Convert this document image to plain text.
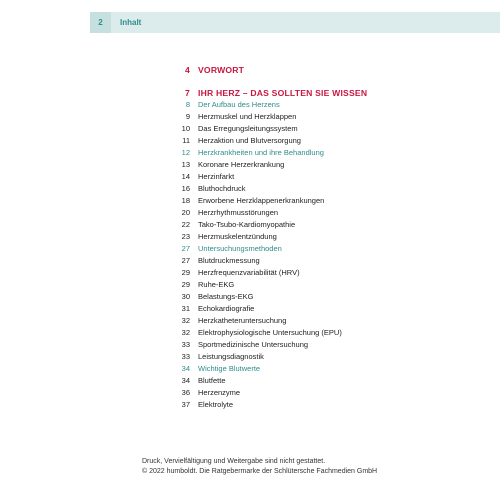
2	Inhalt
4 VORWORT
7 IHR HERZ – DAS SOLLTEN SIE WISSEN
8 Der Aufbau des Herzens
9 Herzmuskel und Herzklappen
10 Das Erregungsleitungssystem
11 Herzaktion und Blutversorgung
12 Herzkrankheiten und ihre Behandlung
13 Koronare Herzerkrankung
14 Herzinfarkt
16 Bluthochdruck
18 Erworbene Herzklappenerkrankungen
20 Herzrhythmusstörungen
22 Tako-Tsubo-Kardiomyopathie
23 Herzmuskelentzündung
27 Untersuchungsmethoden
27 Blutdruckmessung
29 Herzfrequenzvariabilität (HRV)
29 Ruhe-EKG
30 Belastungs-EKG
31 Echokardiografie
32 Herzkatheteruntersuchung
32 Elektrophysiologische Untersuchung (EPU)
33 Sportmedizinische Untersuchung
33 Leistungsdiagnostik
34 Wichtige Blutwerte
34 Blutfette
36 Herzenzyme
37 Elektrolyte
Druck, Vervielfältigung und Weitergabe sind nicht gestattet.
© 2022 humboldt. Die Ratgebermarke der Schlütersche Fachmedien GmbH
